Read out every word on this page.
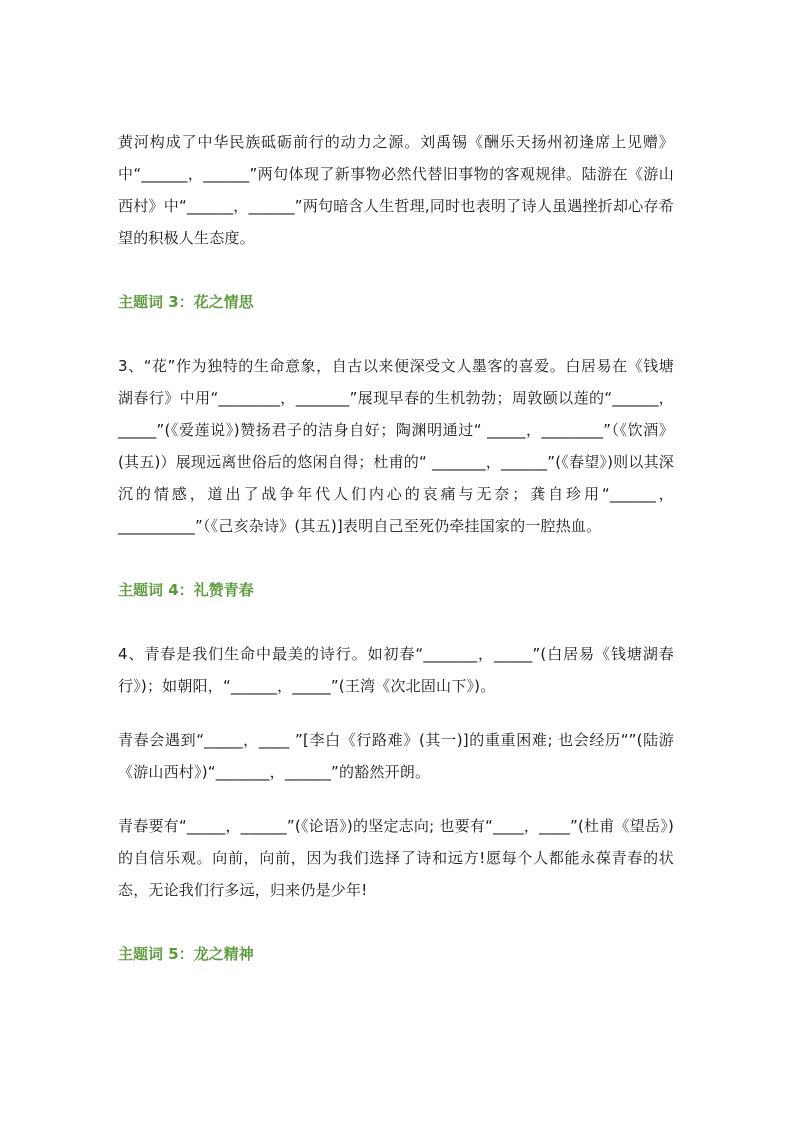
黄河构成了中华民族砥砺前行的动力之源。刘禹锡《酬乐天扬州初逢席上见赠》中“______，______”两句体现了新事物必然代替旧事物的客观规律。陆游在《游山西村》中“______，______”两句暗含人生哲理,同时也表明了诗人虽遇挫折却心存希望的积极人生态度。

主题词 3：花之情思

3、“花”作为独特的生命意象，自古以来便深受文人墨客的喜爱。白居易在《钱塘湖春行》中用“________，_______”展现早春的生机勃勃；周敦颐以莲的“______，_____”(《爱莲说》)赞扬君子的洁身自好；陶渊明通过“ _____，________”（《饮酒》(其五)）展现远离世俗后的悠闲自得；杜甫的“ _______，______”(《春望》)则以其深沉的情感，道出了战争年代人们内心的哀痛与无奈；龚自珍用“______，__________”（《己亥杂诗》(其五)]表明自己至死仍牵挂国家的一腔热血。

主题词 4：礼赞青春

4、青春是我们生命中最美的诗行。如初春“_______，_____”(白居易《钱塘湖春行》)；如朝阳，“______，_____”(王湾《次北固山下》)。

青春会遇到“_____，____ ”[李白《行路难》(其一)]的重重困难; 也会经历“”(陆游《游山西村》)“_______，______”的豁然开朗。

青春要有“_____，______”(《论语》)的坚定志向; 也要有“____，____”(杜甫《望岳》)的自信乐观。向前，向前，因为我们选择了诗和远方!愿每个人都能永葆青春的状态，无论我们行多远，归来仍是少年!

主题词 5：龙之精神
